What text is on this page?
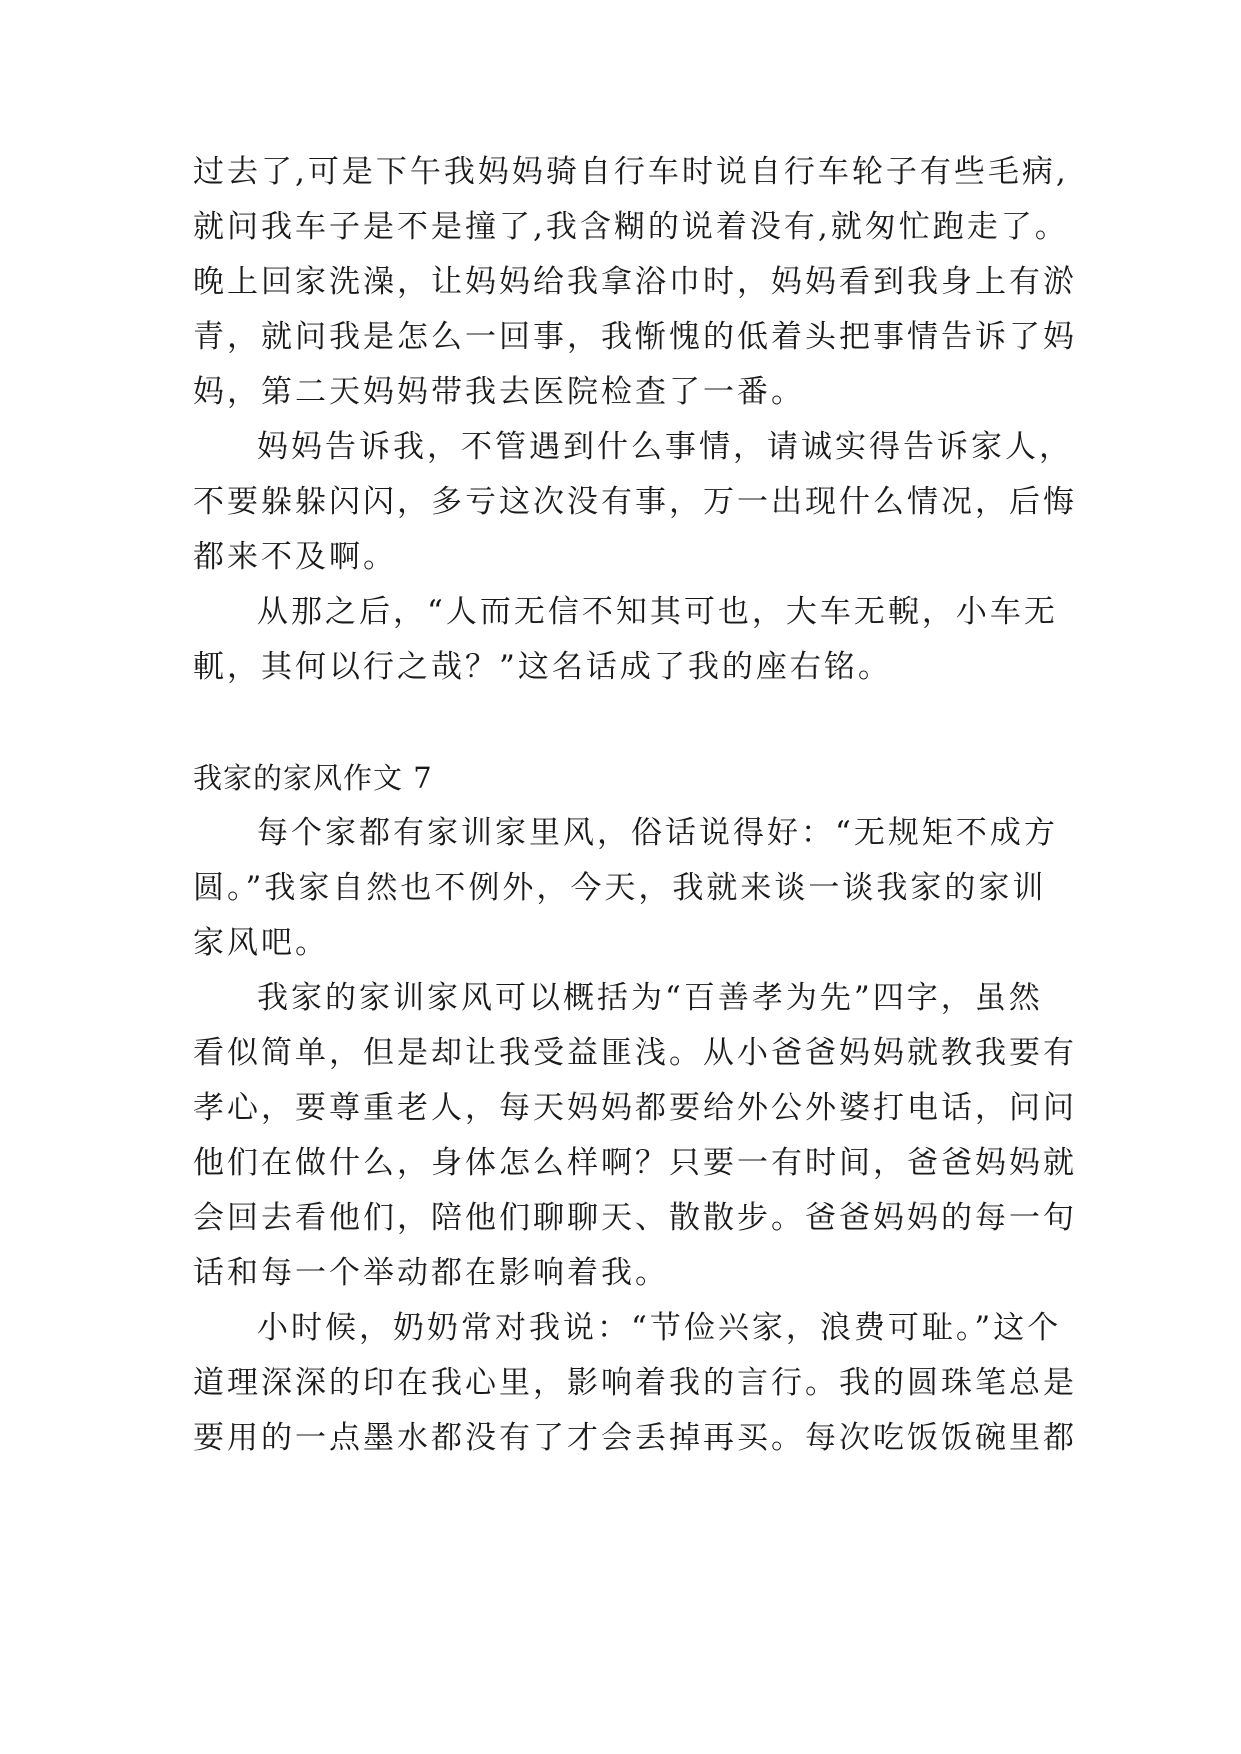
过去了,可是下午我妈妈骑自行车时说自行车轮子有些毛病,
就问我车子是不是撞了,我含糊的说着没有,就匆忙跑走了。
晚上回家洗澡，让妈妈给我拿浴巾时，妈妈看到我身上有淤
青，就问我是怎么一回事，我惭愧的低着头把事情告诉了妈
妈，第二天妈妈带我去医院检查了一番。
妈妈告诉我，不管遇到什么事情，请诚实得告诉家人，
不要躲躲闪闪，多亏这次没有事，万一出现什么情况，后悔
都来不及啊。
从那之后，“人而无信不知其可也，大车无輗，小车无
軏，其何以行之哉？”这名话成了我的座右铭。
我家的家风作文 7
每个家都有家训家里风，俗话说得好：“无规矩不成方
圆。”我家自然也不例外，今天，我就来谈一谈我家的家训
家风吧。
我家的家训家风可以概括为“百善孝为先”四字，虽然
看似简单，但是却让我受益匪浅。从小爸爸妈妈就教我要有
孝心，要尊重老人，每天妈妈都要给外公外婆打电话，问问
他们在做什么，身体怎么样啊？只要一有时间，爸爸妈妈就
会回去看他们，陪他们聊聊天、散散步。爸爸妈妈的每一句
话和每一个举动都在影响着我。
小时候，奶奶常对我说：“节俭兴家，浪费可耻。”这个
道理深深的印在我心里，影响着我的言行。我的圆珠笔总是
要用的一点墨水都没有了才会丢掉再买。每次吃饭饭碗里都
